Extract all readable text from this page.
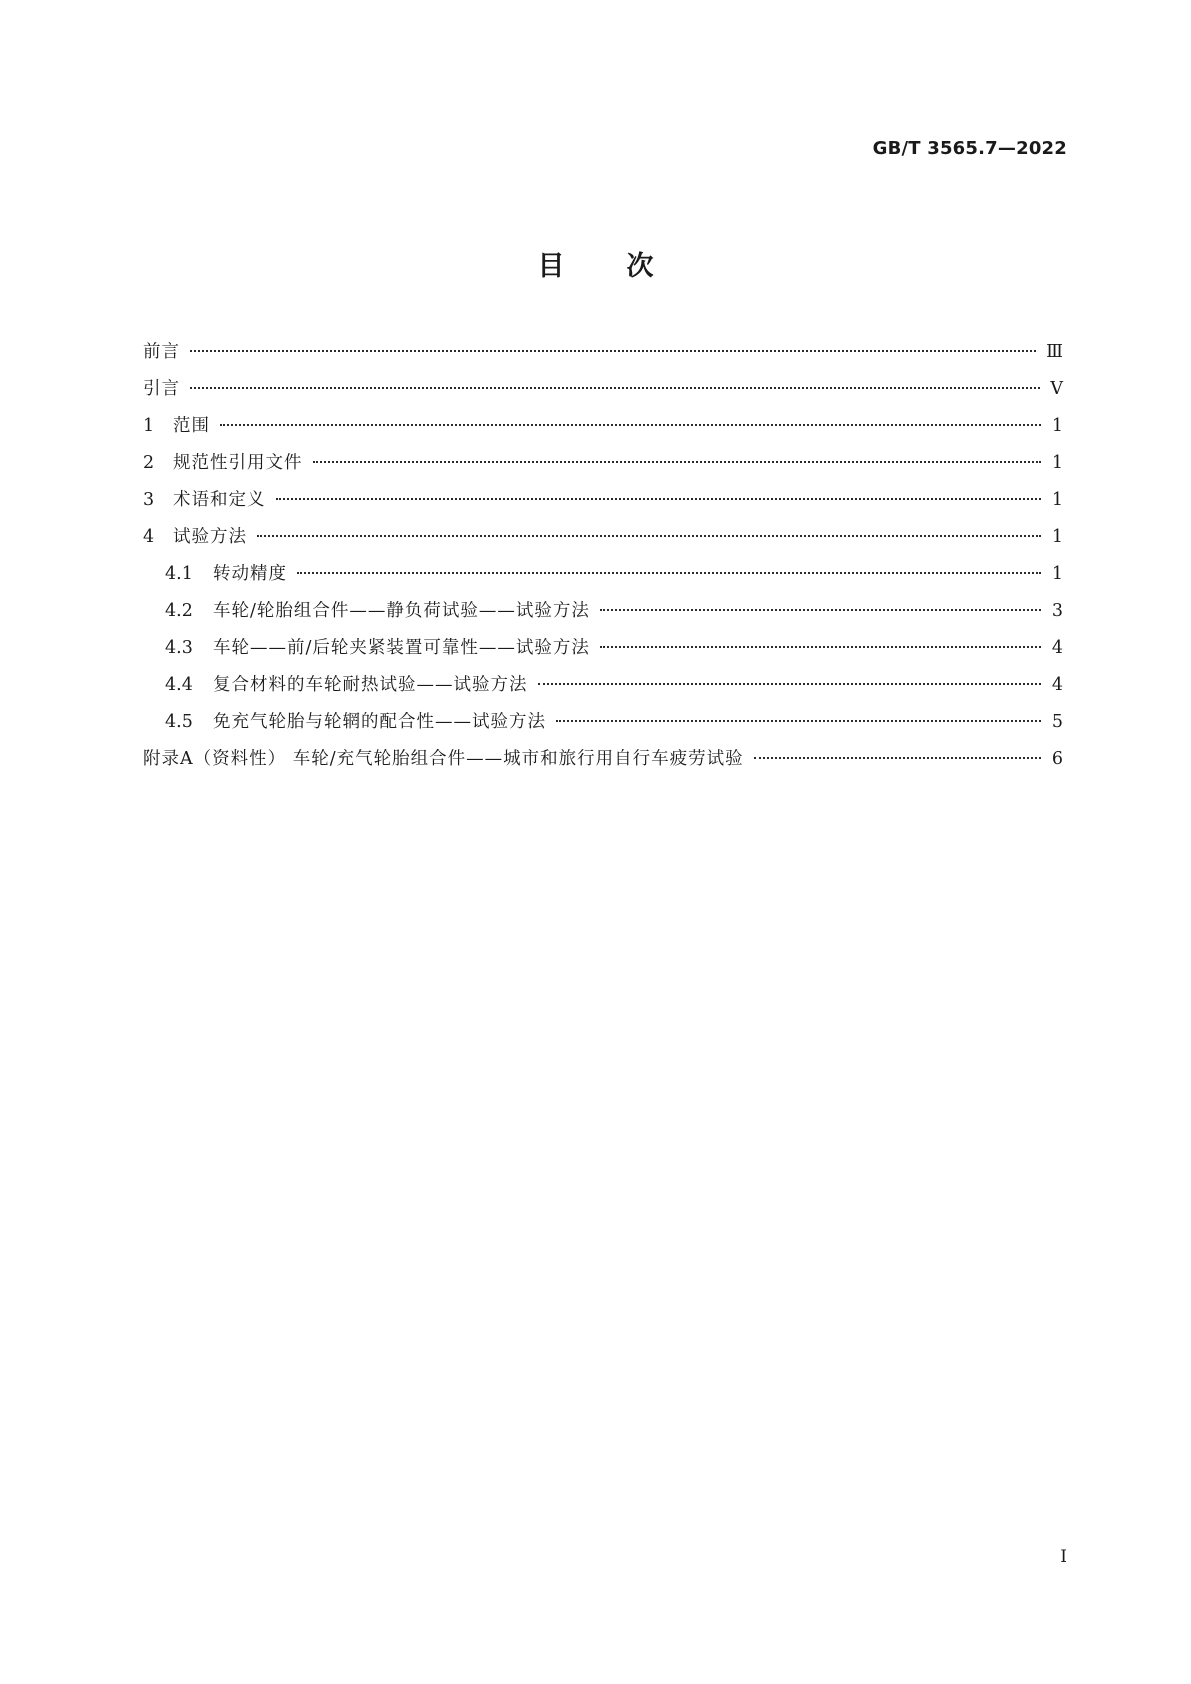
GB/T 3565.7—2022
目次
前言	Ⅲ
引言	Ⅴ
1	范围	1
2	规范性引用文件	1
3	术语和定义	1
4	试验方法	1
4.1	转动精度	1
4.2	车轮/轮胎组合件——静负荷试验——试验方法	3
4.3	车轮——前/后轮夹紧装置可靠性——试验方法	4
4.4	复合材料的车轮耐热试验——试验方法	4
4.5	免充气轮胎与轮辋的配合性——试验方法	5
附录A（资料性） 车轮/充气轮胎组合件——城市和旅行用自行车疲劳试验	6
Ⅰ
